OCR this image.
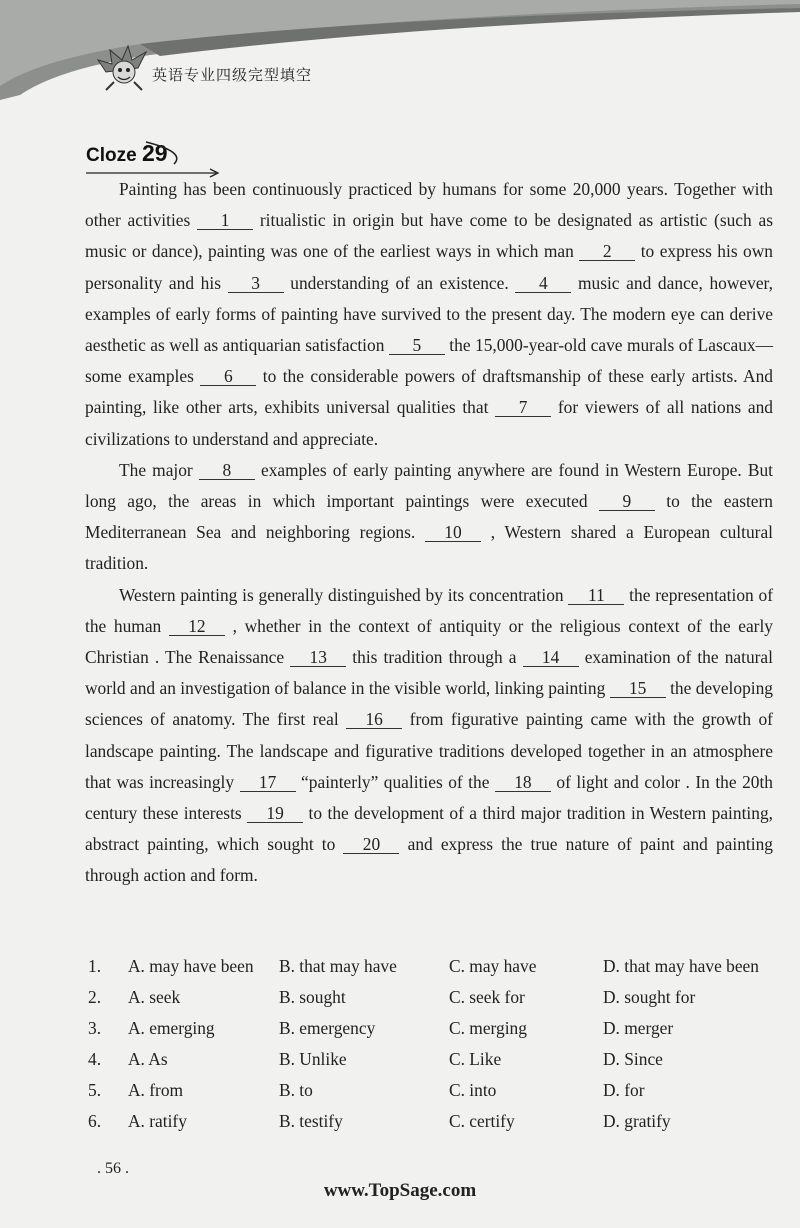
英语专业四级完型填空
Cloze 29

Painting has been continuously practiced by humans for some 20,000 years. Together with other activities 1 ritualistic in origin but have come to be designated as artistic (such as music or dance), painting was one of the earliest ways in which man 2 to express his own personality and his 3 understanding of an existence. 4 music and dance, however, examples of early forms of painting have survived to the present day. The modern eye can derive aesthetic as well as antiquarian satisfaction 5 the 15,000-year-old cave murals of Lascaux—some examples 6 to the considerable powers of draftsmanship of these early artists. And painting, like other arts, exhibits universal qualities that 7 for viewers of all nations and civilizations to understand and appreciate.

The major 8 examples of early painting anywhere are found in Western Europe. But long ago, the areas in which important paintings were executed 9 to the eastern Mediterranean Sea and neighboring regions. 10 , Western shared a European cultural tradition.

Western painting is generally distinguished by its concentration 11 the representation of the human 12 , whether in the context of antiquity or the religious context of the early Christian . The Renaissance 13 this tradition through a 14 examination of the natural world and an investigation of balance in the visible world, linking painting 15 the developing sciences of anatomy. The first real 16 from figurative painting came with the growth of landscape painting. The landscape and figurative traditions developed together in an atmosphere that was increasingly 17 “painterly” qualities of the 18 of light and color . In the 20th century these interests 19 to the development of a third major tradition in Western painting, abstract painting, which sought to 20 and express the true nature of paint and painting through action and form.

1. A. may have been B. that may have	C. may have	D. that may have been
2. A. seek	B. sought	C. seek for	D. sought for
3. A. emerging	B. emergency	C. merging	D. merger
4. A. As	B. Unlike	C. Like	D. Since
5. A. from	B. to	C. into	D. for
6. A. ratify	B. testify	C. certify	D. gratify
. 56 .
www.TopSage.com
